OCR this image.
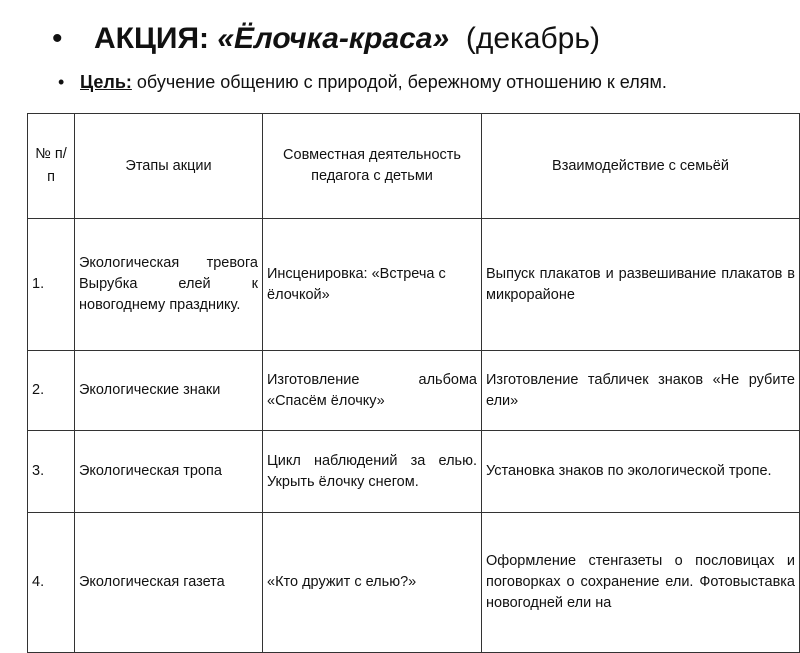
• АКЦИЯ: «Ёлочка-краса» (декабрь)
• Цель: обучение общению с природой, бережному отношению к елям.
№ п/ п	Этапы акции	Совместная деятельность педагога с детьми	Взаимодействие с семьёй
1.	Экологическая тревога Вырубка елей к новогоднему празднику.	Инсценировка: «Встреча с ёлочкой»	Выпуск плакатов и развешивание плакатов в микрорайоне
2.	Экологические знаки	Изготовление альбома «Спасём ёлочку»	Изготовление табличек знаков «Не рубите ели»
3.	Экологическая тропа	Цикл наблюдений за елью. Укрыть ёлочку снегом.	Установка знаков по экологической тропе.
4.	Экологическая газета	«Кто дружит с елью?»	Оформление стенгазеты о пословицах и поговорках о сохранение ели. Фотовыставка новогодней ели на
